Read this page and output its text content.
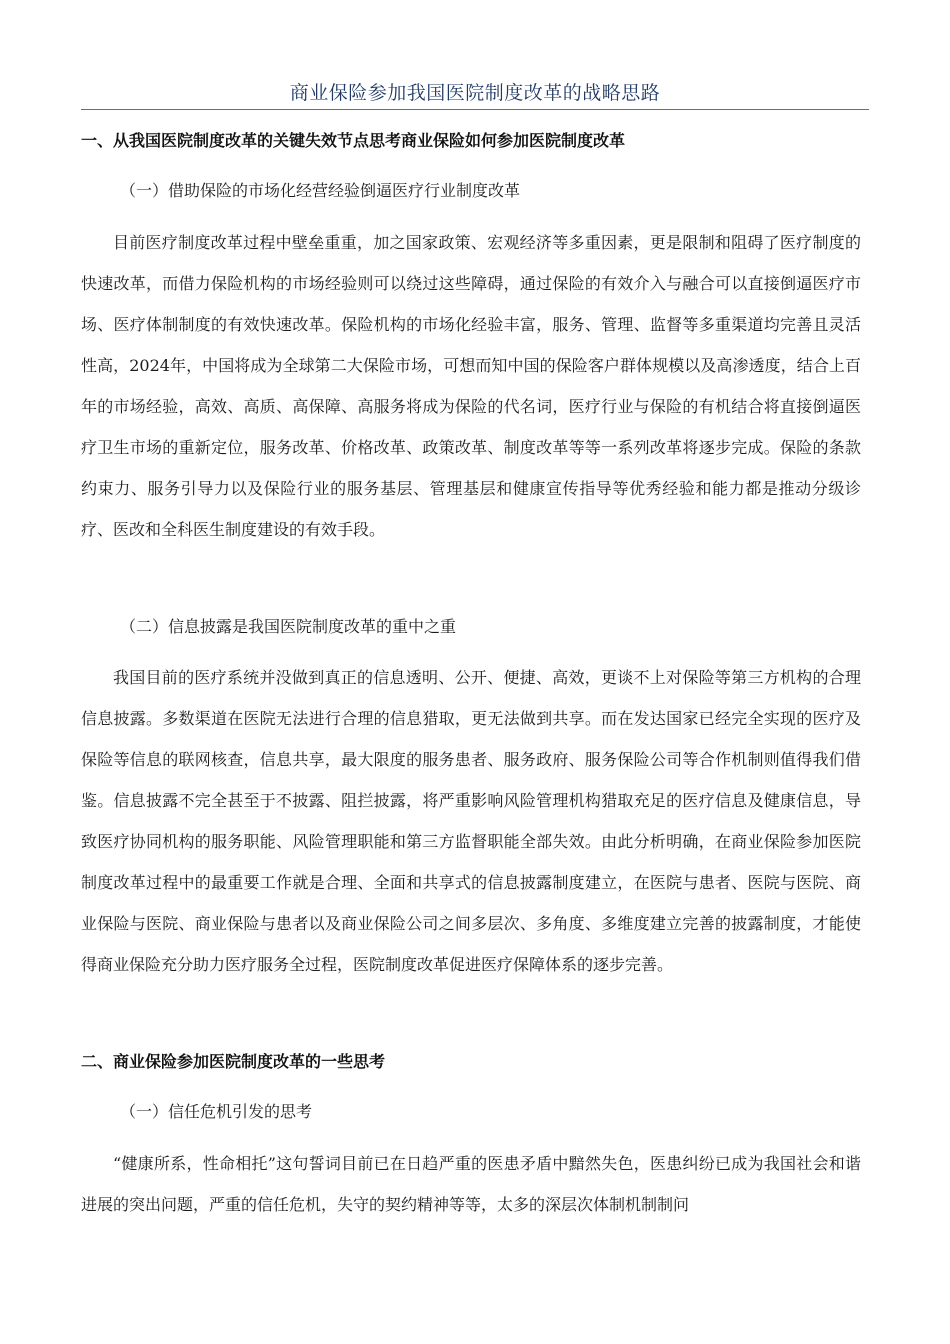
商业保险参加我国医院制度改革的战略思路
一、从我国医院制度改革的关键失效节点思考商业保险如何参加医院制度改革
（一）借助保险的市场化经营经验倒逼医疗行业制度改革

目前医疗制度改革过程中壁垒重重，加之国家政策、宏观经济等多重因素，更是限制和阻碍了医疗制度的快速改革，而借力保险机构的市场经验则可以绕过这些障碍，通过保险的有效介入与融合可以直接倒逼医疗市场、医疗体制制度的有效快速改革。保险机构的市场化经验丰富，服务、管理、监督等多重渠道均完善且灵活性高，2024年，中国将成为全球第二大保险市场，可想而知中国的保险客户群体规模以及高渗透度，结合上百年的市场经验，高效、高质、高保障、高服务将成为保险的代名词，医疗行业与保险的有机结合将直接倒逼医疗卫生市场的重新定位，服务改革、价格改革、政策改革、制度改革等等一系列改革将逐步完成。保险的条款约束力、服务引导力以及保险行业的服务基层、管理基层和健康宣传指导等优秀经验和能力都是推动分级诊疗、医改和全科医生制度建设的有效手段。

（二）信息披露是我国医院制度改革的重中之重

我国目前的医疗系统并没做到真正的信息透明、公开、便捷、高效，更谈不上对保险等第三方机构的合理信息披露。多数渠道在医院无法进行合理的信息猎取，更无法做到共享。而在发达国家已经完全实现的医疗及保险等信息的联网核查，信息共享，最大限度的服务患者、服务政府、服务保险公司等合作机制则值得我们借鉴。信息披露不完全甚至于不披露、阻拦披露，将严重影响风险管理机构猎取充足的医疗信息及健康信息，导致医疗协同机构的服务职能、风险管理职能和第三方监督职能全部失效。由此分析明确，在商业保险参加医院制度改革过程中的最重要工作就是合理、全面和共享式的信息披露制度建立，在医院与患者、医院与医院、商业保险与医院、商业保险与患者以及商业保险公司之间多层次、多角度、多维度建立完善的披露制度，才能使得商业保险充分助力医疗服务全过程，医院制度改革促进医疗保障体系的逐步完善。

二、商业保险参加医院制度改革的一些思考
（一）信任危机引发的思考

“健康所系，性命相托”这句誓词目前已在日趋严重的医患矛盾中黯然失色，医患纠纷已成为我国社会和谐进展的突出问题，严重的信任危机，失守的契约精神等等，太多的深层次体制机制制问
